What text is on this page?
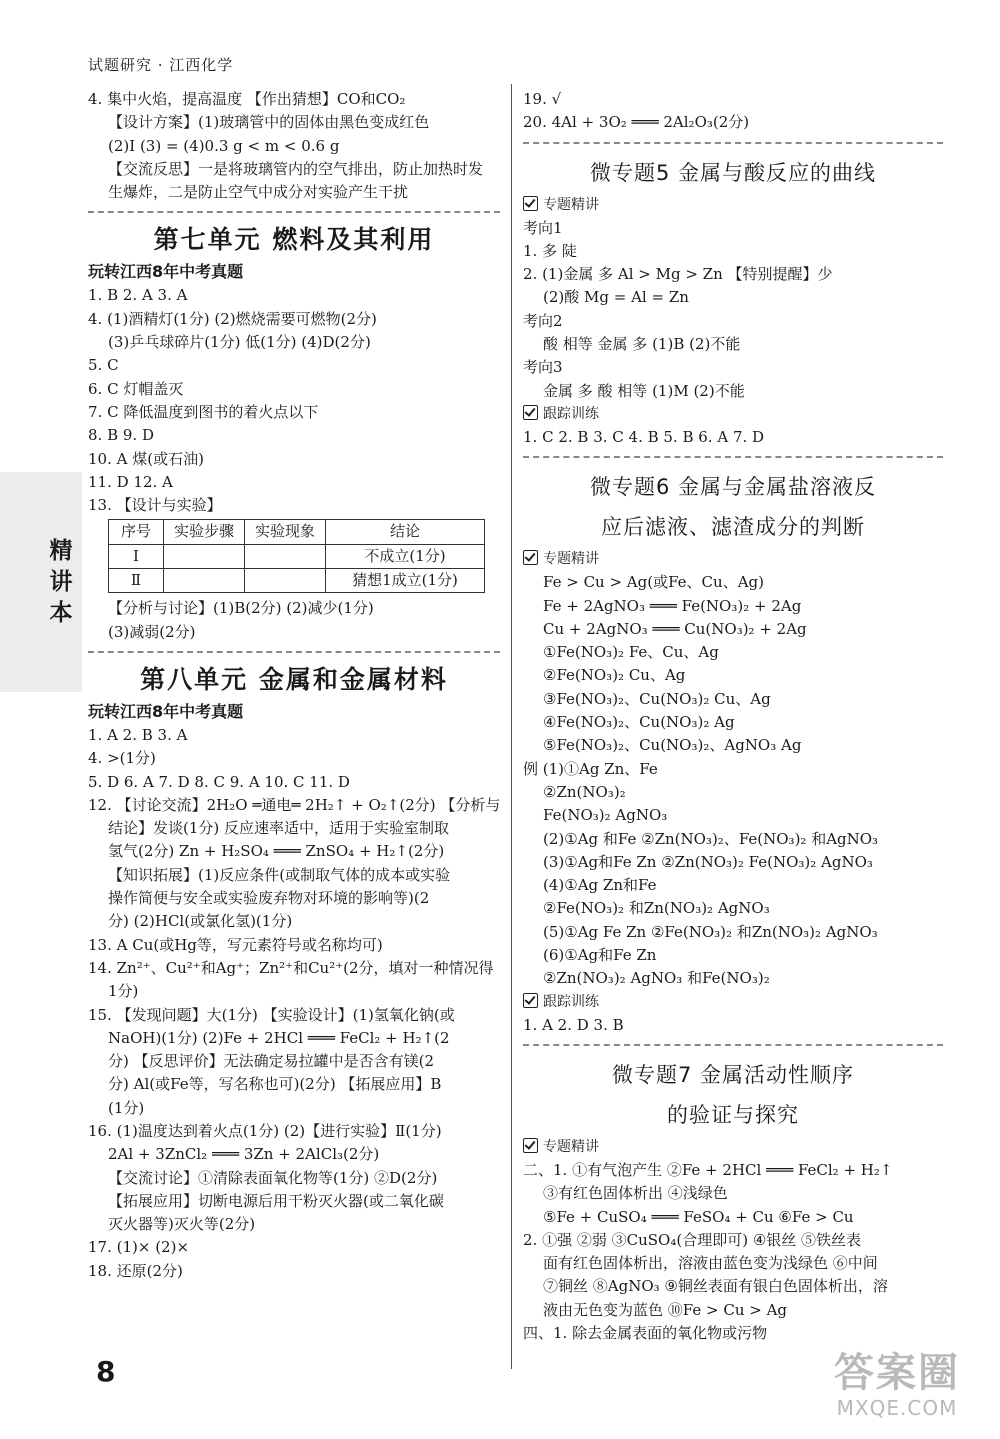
试题研究 · 江西化学
精讲本
4. 集中火焰，提高温度 【作出猜想】CO和CO₂
【设计方案】(1)玻璃管中的固体由黑色变成红色
(2)Ⅰ (3) = (4)0.3 g < m < 0.6 g
【交流反思】一是将玻璃管内的空气排出，防止加热时发
生爆炸，二是防止空气中成分对实验产生干扰
第七单元 燃料及其利用
玩转江西8年中考真题
1. B 2. A 3. A
4. (1)酒精灯(1分) (2)燃烧需要可燃物(2分)
(3)乒乓球碎片(1分) 低(1分) (4)D(2分)
5. C
6. C 灯帽盖灭
7. C 降低温度到图书的着火点以下
8. B 9. D
10. A 煤(或石油)
11. D 12. A
13. 【设计与实验】
序号	实验步骤	实验现象	结论
Ⅰ			不成立(1分)
Ⅱ			猜想1成立(1分)
【分析与讨论】(1)B(2分) (2)减少(1分)
(3)减弱(2分)
第八单元 金属和金属材料
玩转江西8年中考真题
1. A 2. B 3. A
4. >(1分)
5. D 6. A 7. D 8. C 9. A 10. C 11. D
12. 【讨论交流】2H₂O ═通电═ 2H₂↑ + O₂↑(2分) 【分析与
结论】发谈(1分) 反应速率适中，适用于实验室制取
氢气(2分) Zn + H₂SO₄ ═══ ZnSO₄ + H₂↑(2分)
【知识拓展】(1)反应条件(或制取气体的成本或实验
操作简便与安全或实验废弃物对环境的影响等)(2
分) (2)HCl(或氯化氢)(1分)
13. A Cu(或Hg等，写元素符号或名称均可)
14. Zn²⁺、Cu²⁺和Ag⁺；Zn²⁺和Cu²⁺(2分，填对一种情况得
1分)
15. 【发现问题】大(1分) 【实验设计】(1)氢氧化钠(或
NaOH)(1分) (2)Fe + 2HCl ═══ FeCl₂ + H₂↑(2
分) 【反思评价】无法确定易拉罐中是否含有镁(2
分) Al(或Fe等，写名称也可)(2分) 【拓展应用】B
(1分)
16. (1)温度达到着火点(1分) (2)【进行实验】Ⅱ(1分)
2Al + 3ZnCl₂ ═══ 3Zn + 2AlCl₃(2分)
【交流讨论】①清除表面氧化物等(1分) ②D(2分)
【拓展应用】切断电源后用干粉灭火器(或二氧化碳
灭火器等)灭火等(2分)
17. (1)× (2)×
18. 还原(2分)
19. √
20. 4Al + 3O₂ ═══ 2Al₂O₃(2分)
微专题5 金属与酸反应的曲线
专题精讲
考向1
1. 多 陡
2. (1)金属 多 Al > Mg > Zn 【特别提醒】少
(2)酸 Mg = Al = Zn
考向2
酸 相等 金属 多 (1)B (2)不能
考向3
金属 多 酸 相等 (1)M (2)不能
跟踪训练
1. C 2. B 3. C 4. B 5. B 6. A 7. D
微专题6 金属与金属盐溶液反
应后滤液、滤渣成分的判断
专题精讲
Fe > Cu > Ag(或Fe、Cu、Ag)
Fe + 2AgNO₃ ═══ Fe(NO₃)₂ + 2Ag
Cu + 2AgNO₃ ═══ Cu(NO₃)₂ + 2Ag
①Fe(NO₃)₂ Fe、Cu、Ag
②Fe(NO₃)₂ Cu、Ag
③Fe(NO₃)₂、Cu(NO₃)₂ Cu、Ag
④Fe(NO₃)₂、Cu(NO₃)₂ Ag
⑤Fe(NO₃)₂、Cu(NO₃)₂、AgNO₃ Ag
例 (1)①Ag Zn、Fe
②Zn(NO₃)₂
Fe(NO₃)₂ AgNO₃
(2)①Ag 和Fe ②Zn(NO₃)₂、Fe(NO₃)₂ 和AgNO₃
(3)①Ag和Fe Zn ②Zn(NO₃)₂ Fe(NO₃)₂ AgNO₃
(4)①Ag Zn和Fe
②Fe(NO₃)₂ 和Zn(NO₃)₂ AgNO₃
(5)①Ag Fe Zn ②Fe(NO₃)₂ 和Zn(NO₃)₂ AgNO₃
(6)①Ag和Fe Zn
②Zn(NO₃)₂ AgNO₃ 和Fe(NO₃)₂
跟踪训练
1. A 2. D 3. B
微专题7 金属活动性顺序
的验证与探究
专题精讲
二、1. ①有气泡产生 ②Fe + 2HCl ═══ FeCl₂ + H₂↑
③有红色固体析出 ④浅绿色
⑤Fe + CuSO₄ ═══ FeSO₄ + Cu ⑥Fe > Cu
2. ①强 ②弱 ③CuSO₄(合理即可) ④银丝 ⑤铁丝表
面有红色固体析出，溶液由蓝色变为浅绿色 ⑥中间
⑦铜丝 ⑧AgNO₃ ⑨铜丝表面有银白色固体析出，溶
液由无色变为蓝色 ⑩Fe > Cu > Ag
四、1. 除去金属表面的氧化物或污物
8	答案圈
MXQE.COM
